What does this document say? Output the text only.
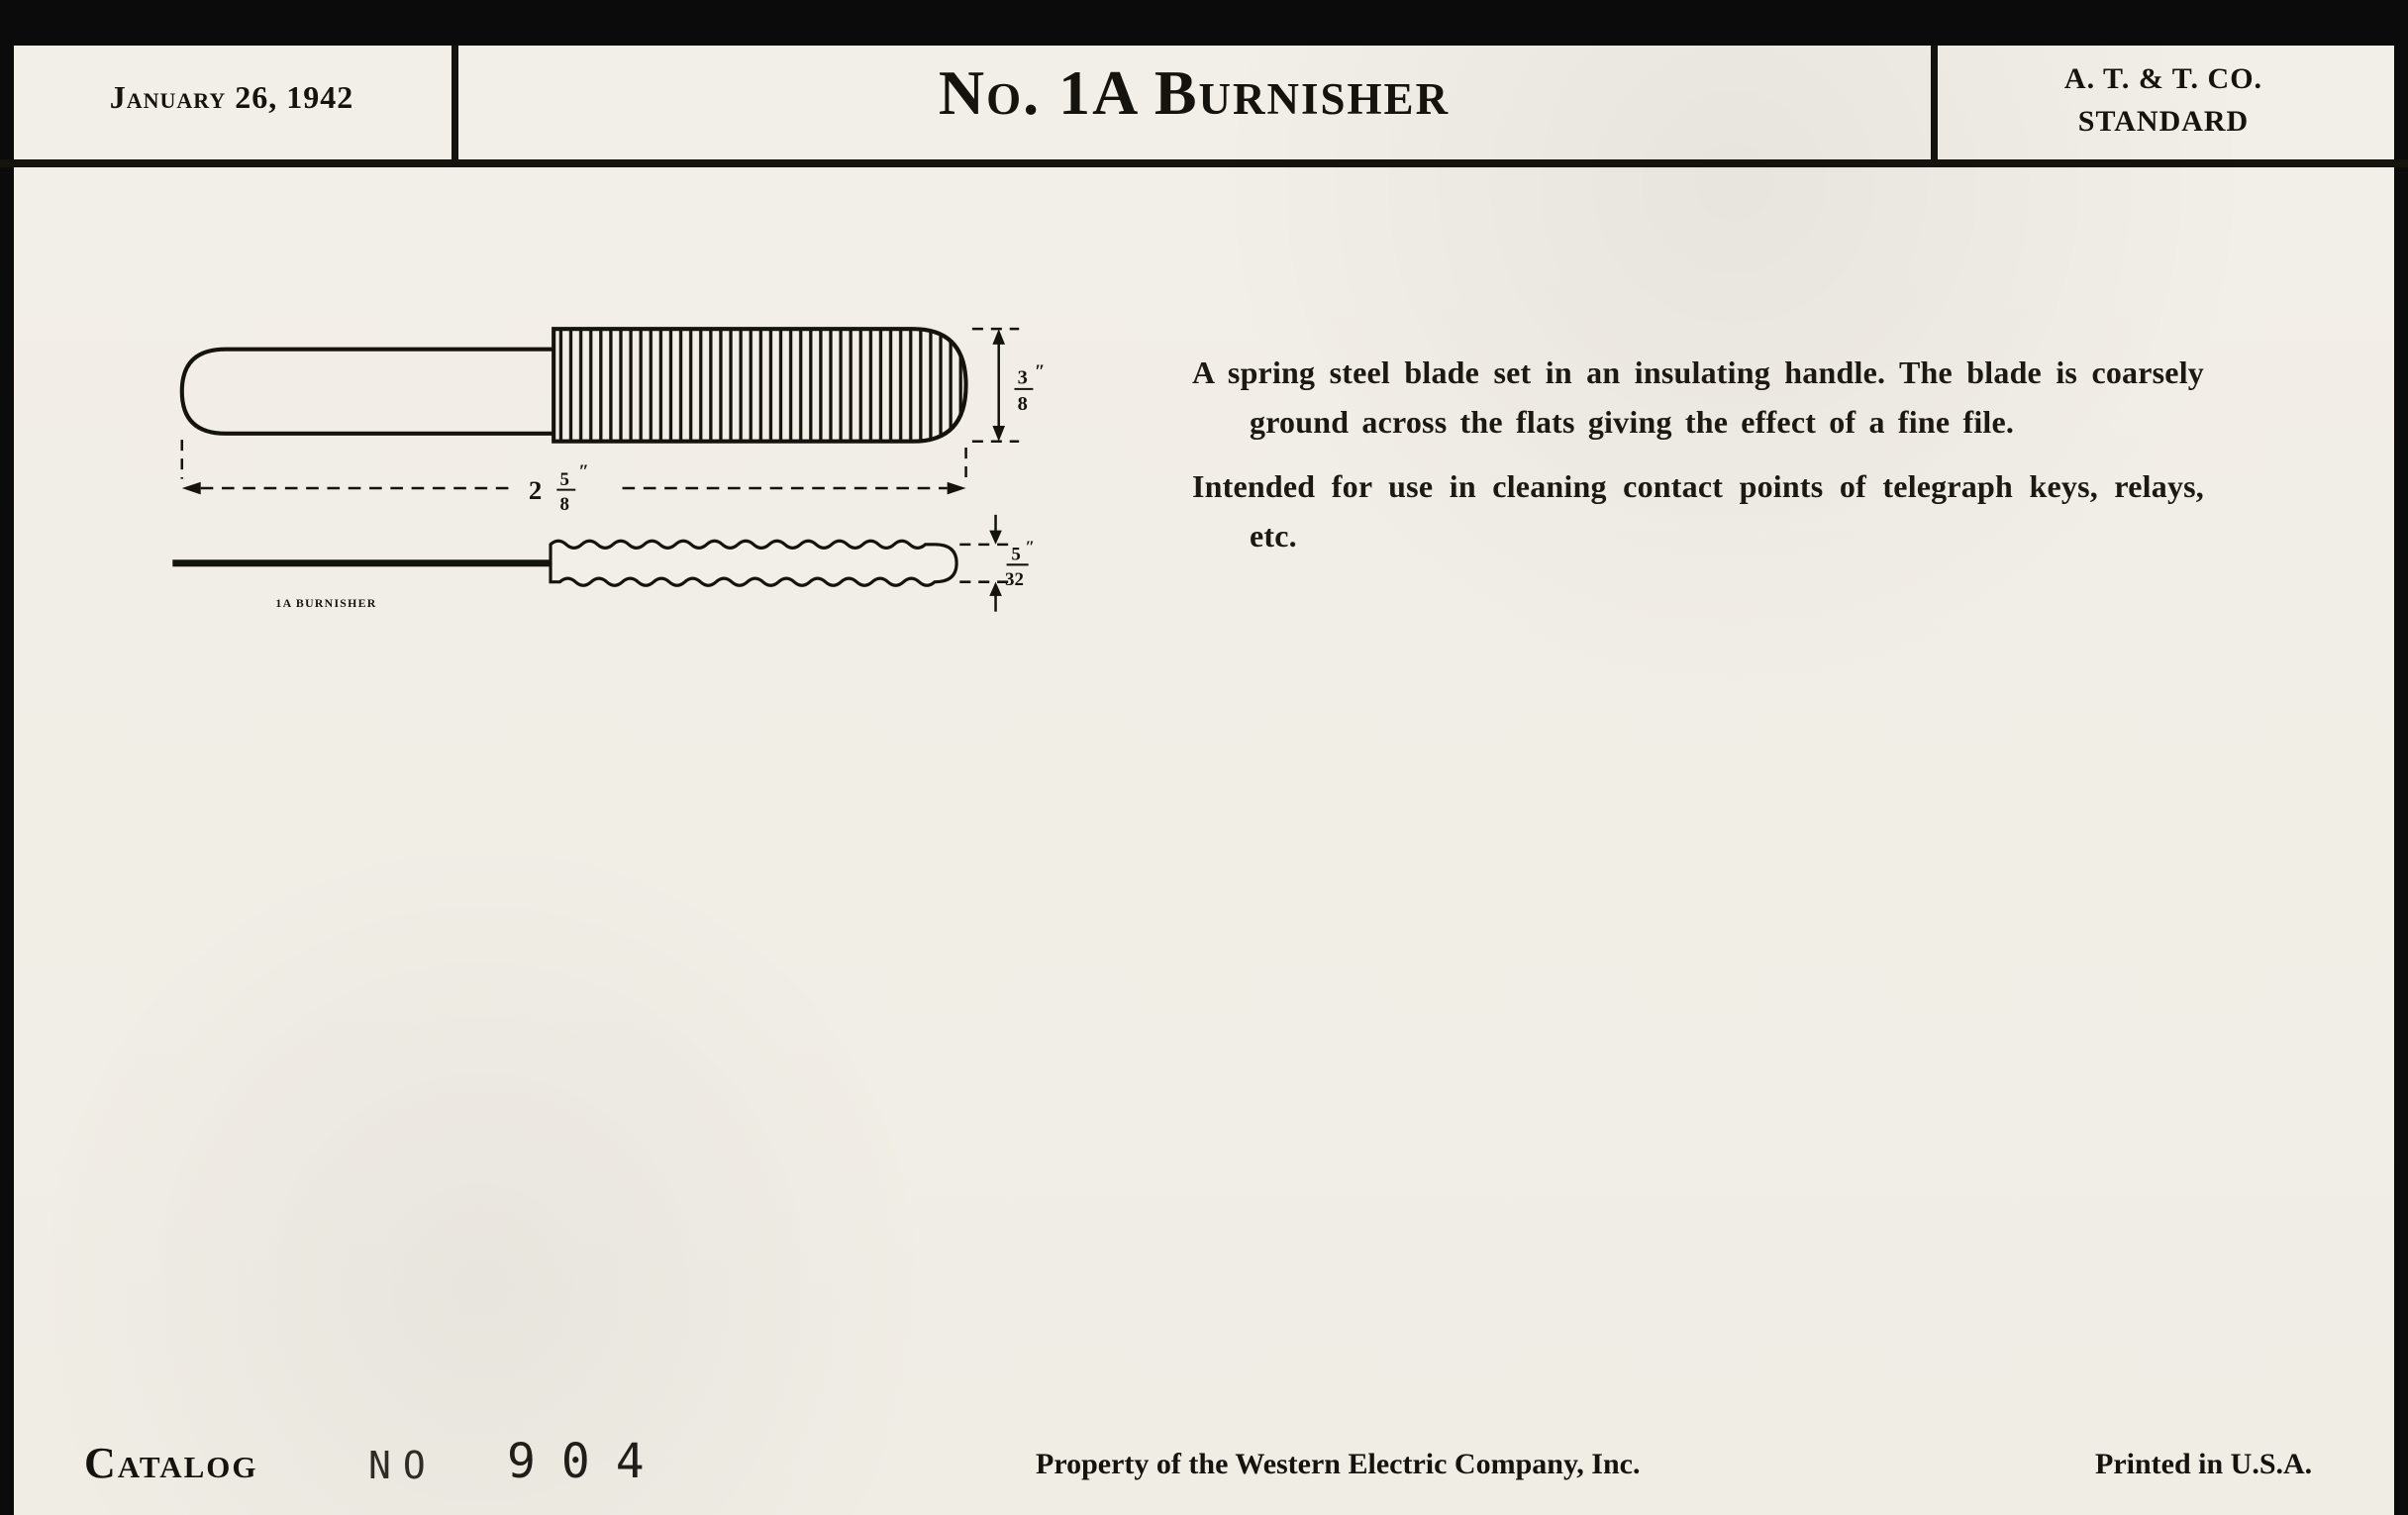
January 26, 1942	No. 1A Burnisher	A. T. & T. CO.
STANDARD
3
8
″
2 5
8
″
5 ″
32
1A BURNISHER

A spring steel blade set in an insulating handle. The blade is coarsely ground across the flats giving the effect of a fine file.

Intended for use in cleaning contact points of telegraph keys, relays, etc.

Catalog	NO 904	Property of the Western Electric Company, Inc.	Printed in U.S.A.
